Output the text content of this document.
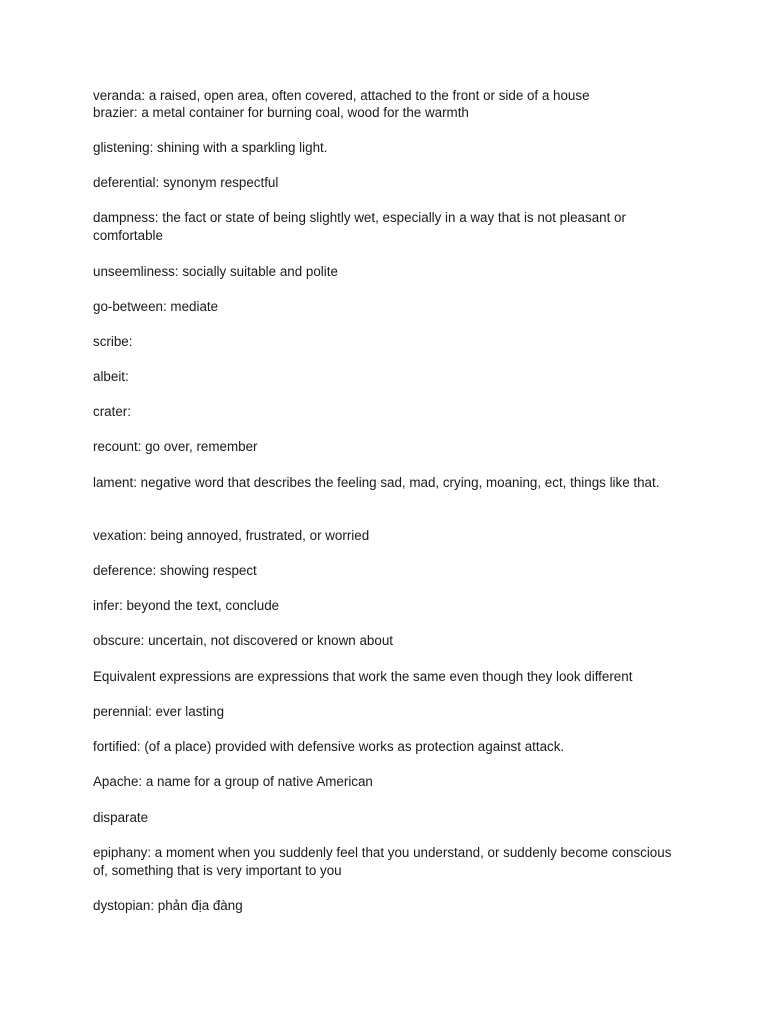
veranda: a raised, open area, often covered, attached to the front or side of a house

brazier: a metal container for burning coal, wood for the warmth

glistening: shining with a sparkling light.

deferential: synonym respectful

dampness: the fact or state of being slightly wet, especially in a way that is not pleasant or comfortable

unseemliness: socially suitable and polite

go-between: mediate

scribe:

albeit:

crater:

recount: go over, remember

lament: negative word that describes the feeling sad, mad, crying, moaning, ect, things like that.

vexation: being annoyed, frustrated, or worried

deference: showing respect

infer: beyond the text, conclude

obscure: uncertain, not discovered or known about

Equivalent expressions are expressions that work the same even though they look different

perennial: ever lasting

fortified: (of a place) provided with defensive works as protection against attack.

Apache: a name for a group of native American

disparate

epiphany: a moment when you suddenly feel that you understand, or suddenly become conscious of, something that is very important to you

dystopian: phản địa đàng
